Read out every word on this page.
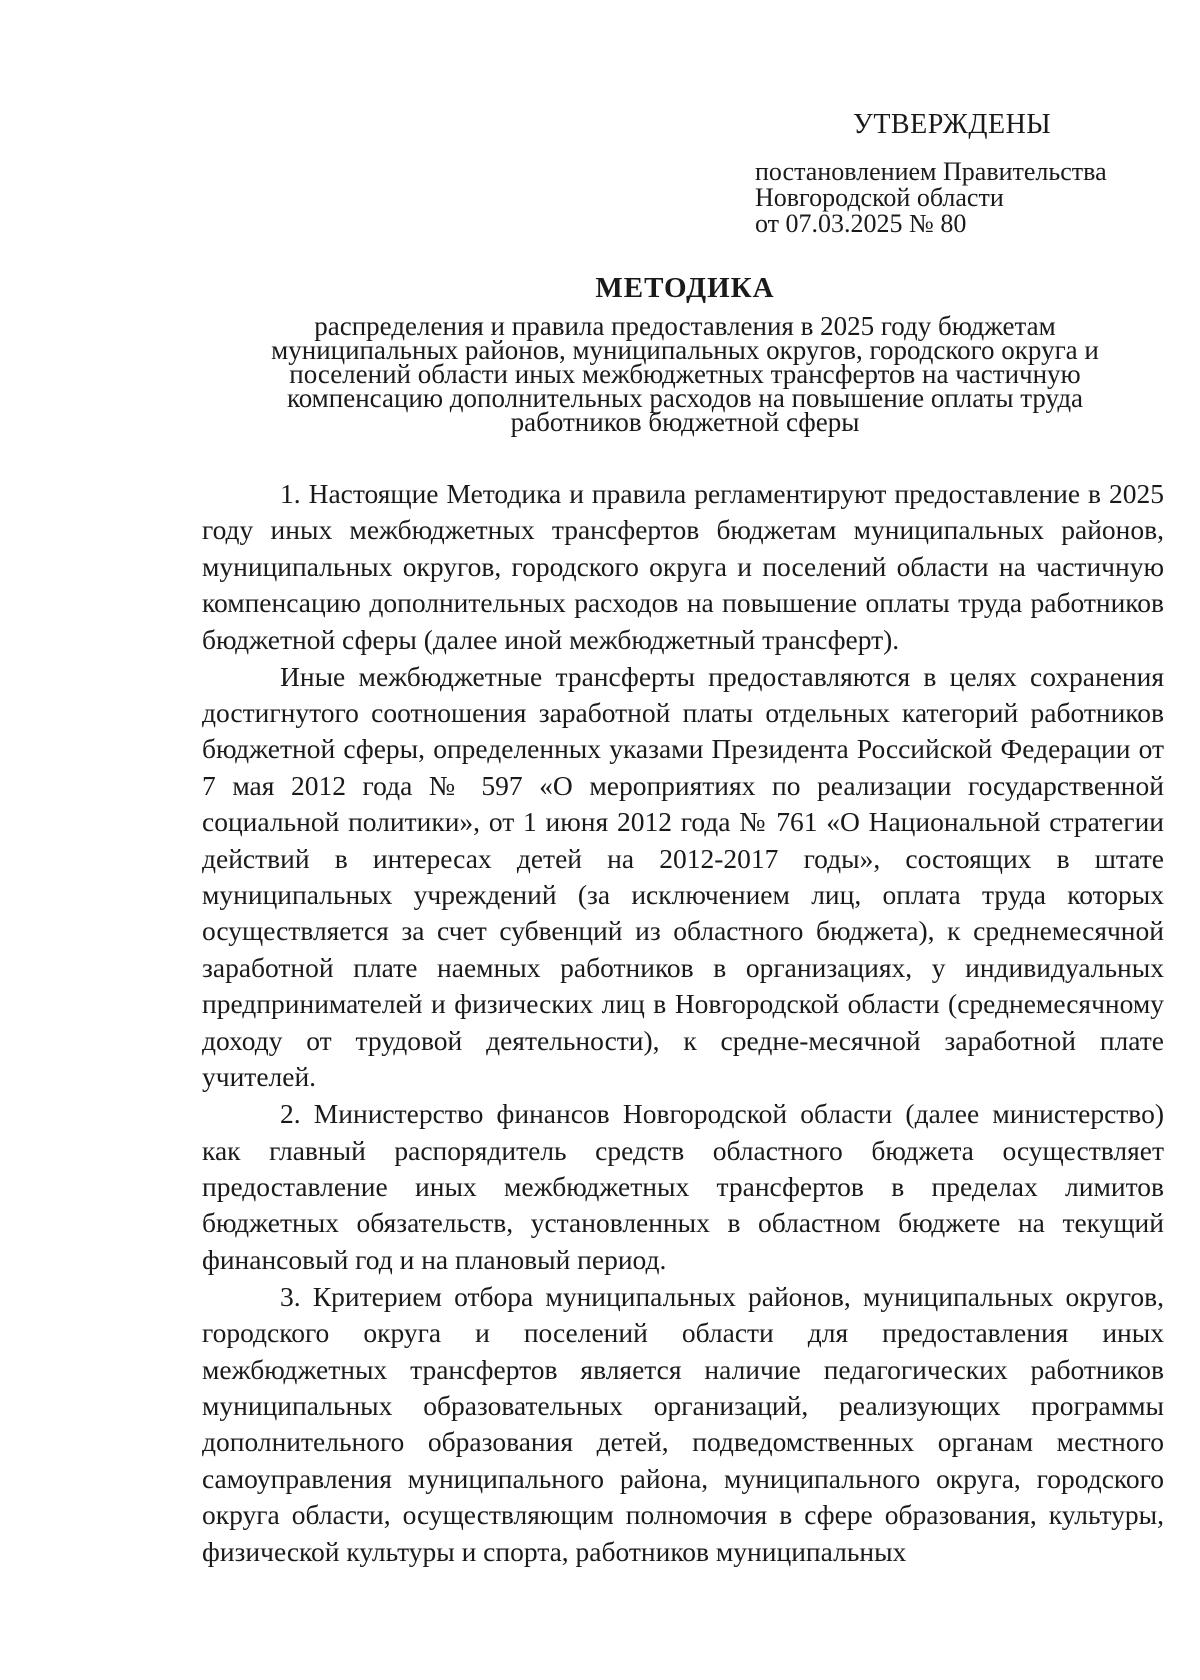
УТВЕРЖДЕНЫ
постановлением Правительства
Новгородской области
от 07.03.2025 № 80
МЕТОДИКА
распределения и правила предоставления в 2025 году бюджетам
муниципальных районов, муниципальных округов, городского округа и
поселений области иных межбюджетных трансфертов на частичную
компенсацию дополнительных расходов на повышение оплаты труда
работников бюджетной сферы

1. Настоящие Методика и правила регламентируют предоставление в 2025 году иных межбюджетных трансфертов бюджетам муниципальных районов, муниципальных округов, городского округа и поселений области на частичную компенсацию дополнительных расходов на повышение оплаты труда работников бюджетной сферы (далее иной межбюджетный трансферт).

Иные межбюджетные трансферты предоставляются в целях сохранения достигнутого соотношения заработной платы отдельных категорий работников бюджетной сферы, определенных указами Президента Российской Федерации от 7 мая 2012 года № 597 «О мероприятиях по реализации государственной социальной политики», от 1 июня 2012 года № 761 «О Национальной стратегии действий в интересах детей на 2012-2017 годы», состоящих в штате муниципальных учреждений (за исключением лиц, оплата труда которых осуществляется за счет субвенций из областного бюджета), к среднемесячной заработной плате наемных работников в организациях, у индивидуальных предпринимателей и физических лиц в Новгородской области (среднемесячному доходу от трудовой деятельности), к средне-месячной заработной плате учителей.

2. Министерство финансов Новгородской области (далее министерство) как главный распорядитель средств областного бюджета осуществляет предоставление иных межбюджетных трансфертов в пределах лимитов бюджетных обязательств, установленных в областном бюджете на текущий финансовый год и на плановый период.

3. Критерием отбора муниципальных районов, муниципальных округов, городского округа и поселений области для предоставления иных межбюджетных трансфертов является наличие педагогических работников муниципальных образовательных организаций, реализующих программы дополнительного образования детей, подведомственных органам местного самоуправления муниципального района, муниципального округа, городского округа области, осуществляющим полномочия в сфере образования, культуры, физической культуры и спорта, работников муниципальных
